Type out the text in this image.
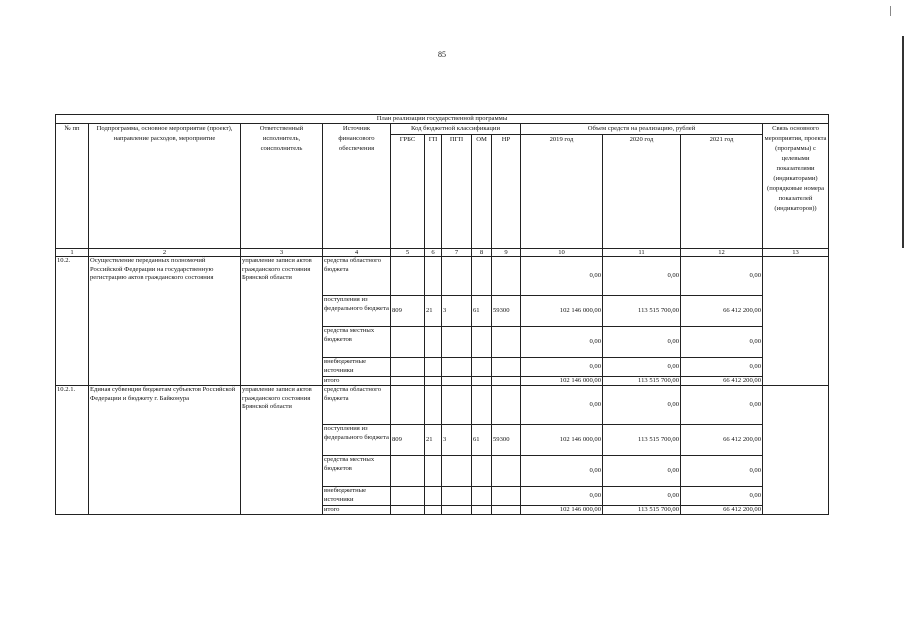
85
План реализации государственной программы												
№ пп	Подпрограмма, основное мероприятие (проект), направление расходов, мероприятие	Ответственный исполнитель, соисполнитель	Источник финансового обеспечения	Код бюджетной классификации					Объем средств на реализацию, рублей			Связь основного мероприятия, проекта (программы) с целевыми показателями (индикаторами) (порядковые номера показателей (индикаторов))
				ГРБС	ГП	ПГП	ОМ	НР	2019 год	2020 год	2021 год	
1	2	3	4	5	6	7	8	9	10	11	12	13
10.2.	Осуществление переданных полномочий Российской Федерации на государственную регистрацию актов гражданского состояния	управление записи актов гражданского состояния Брянской области	средства областного бюджета						0,00	0,00	0,00	
			поступления из федерального бюджета	809	21	3	61	59300	102 146 000,00	113 515 700,00	66 412 200,00	
			средства местных бюджетов						0,00	0,00	0,00	
			внебюджетные источники						0,00	0,00	0,00	
			итого						102 146 000,00	113 515 700,00	66 412 200,00	
10.2.1.	Единая субвенция бюджетам субъектов Российской Федерации и бюджету г. Байконура	управление записи актов гражданского состояния Брянской области	средства областного бюджета						0,00	0,00	0,00	
			поступления из федерального бюджета	809	21	3	61	59300	102 146 000,00	113 515 700,00	66 412 200,00	
			средства местных бюджетов						0,00	0,00	0,00	
			внебюджетные источники						0,00	0,00	0,00	
			итого						102 146 000,00	113 515 700,00	66 412 200,00	
